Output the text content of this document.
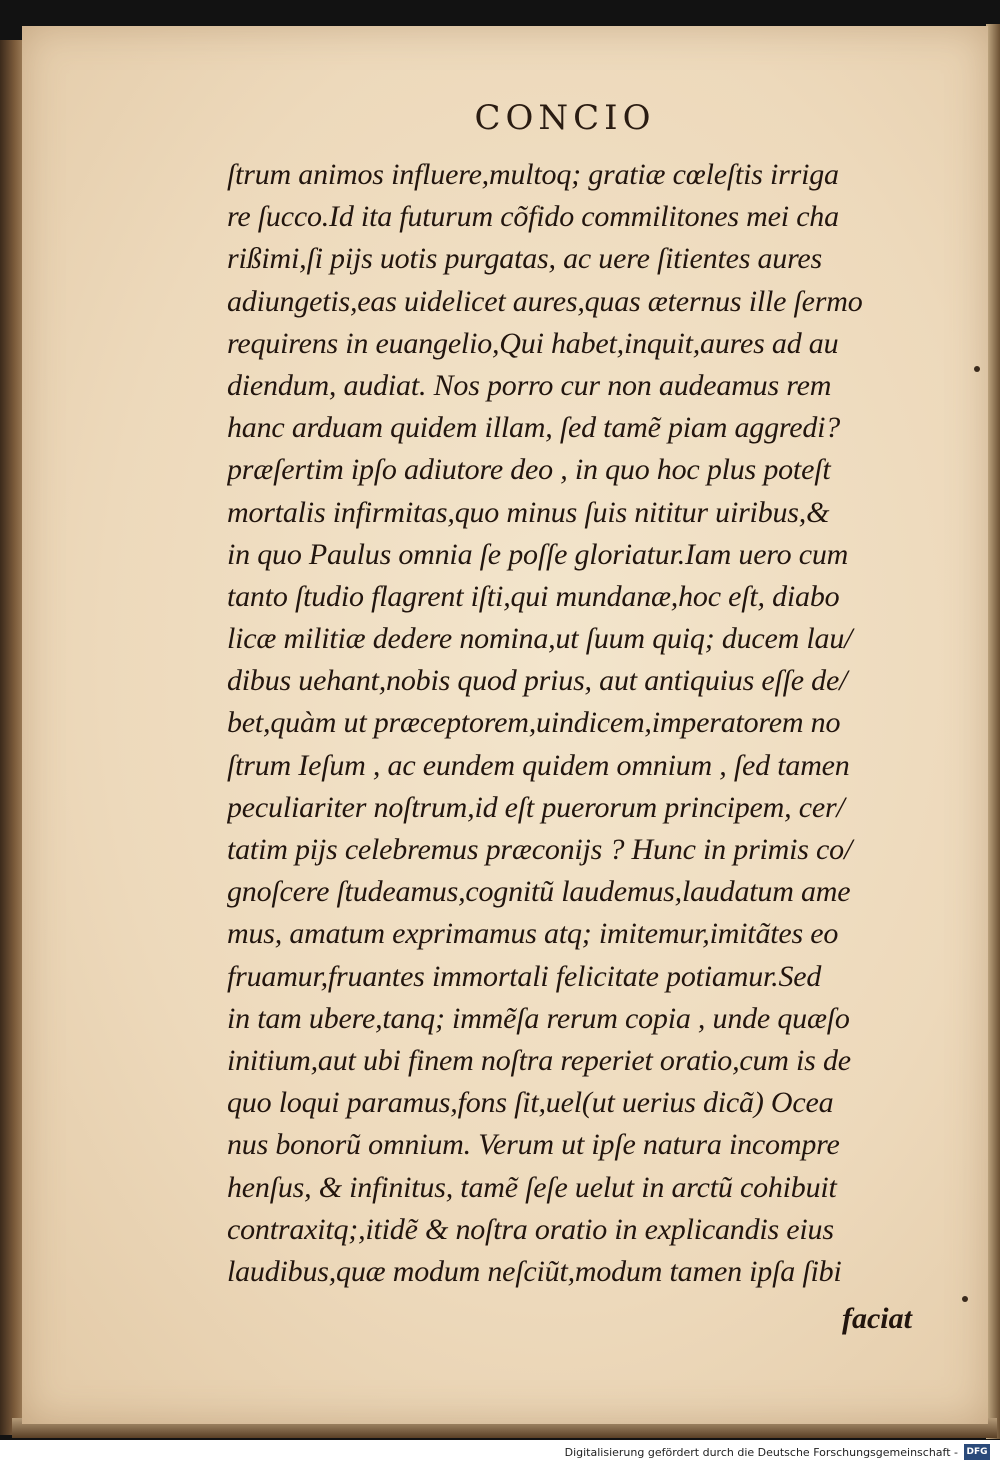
CONCIO
ſtrum animos influere,multoq; gratiæ cœleſtis irriga
re ſucco.Id ita futurum cõfido commilitones mei cha
rißimi,ſi pijs uotis purgatas, ac uere ſitientes aures
adiungetis,eas uidelicet aures,quas æternus ille ſermo
requirens in euangelio,Qui habet,inquit,aures ad au
diendum, audiat. Nos porro cur non audeamus rem
hanc arduam quidem illam, ſed tamẽ piam aggredi?
præſertim ipſo adiutore deo , in quo hoc plus poteſt
mortalis infirmitas,quo minus ſuis nititur uiribus,&
in quo Paulus omnia ſe poſſe gloriatur.Iam uero cum
tanto ſtudio flagrent iſti,qui mundanæ,hoc eſt, diabo
licæ militiæ dedere nomina,ut ſuum quiq; ducem lau/
dibus uehant,nobis quod prius, aut antiquius eſſe de/
bet,quàm ut præceptorem,uindicem,imperatorem no
ſtrum Ieſum , ac eundem quidem omnium , ſed tamen
peculiariter noſtrum,id eſt puerorum principem, cer/
tatim pijs celebremus præconijs ? Hunc in primis co/
gnoſcere ſtudeamus,cognitũ laudemus,laudatum ame
mus, amatum exprimamus atq; imitemur,imitãtes eo
fruamur,fruantes immortali felicitate potiamur.Sed
in tam ubere,tanq; immẽſa rerum copia , unde quæſo
initium,aut ubi finem noſtra reperiet oratio,cum is de
quo loqui paramus,fons ſit,uel(ut uerius dicã) Ocea
nus bonorũ omnium. Verum ut ipſe natura incompre
henſus, & infinitus, tamẽ ſeſe uelut in arctũ cohibuit
contraxitq;,itidẽ & noſtra oratio in explicandis eius
laudibus,quæ modum neſciũt,modum tamen ipſa ſibi
faciat
Digitalisierung gefördert durch die Deutsche Forschungsgemeinschaft - DFG
